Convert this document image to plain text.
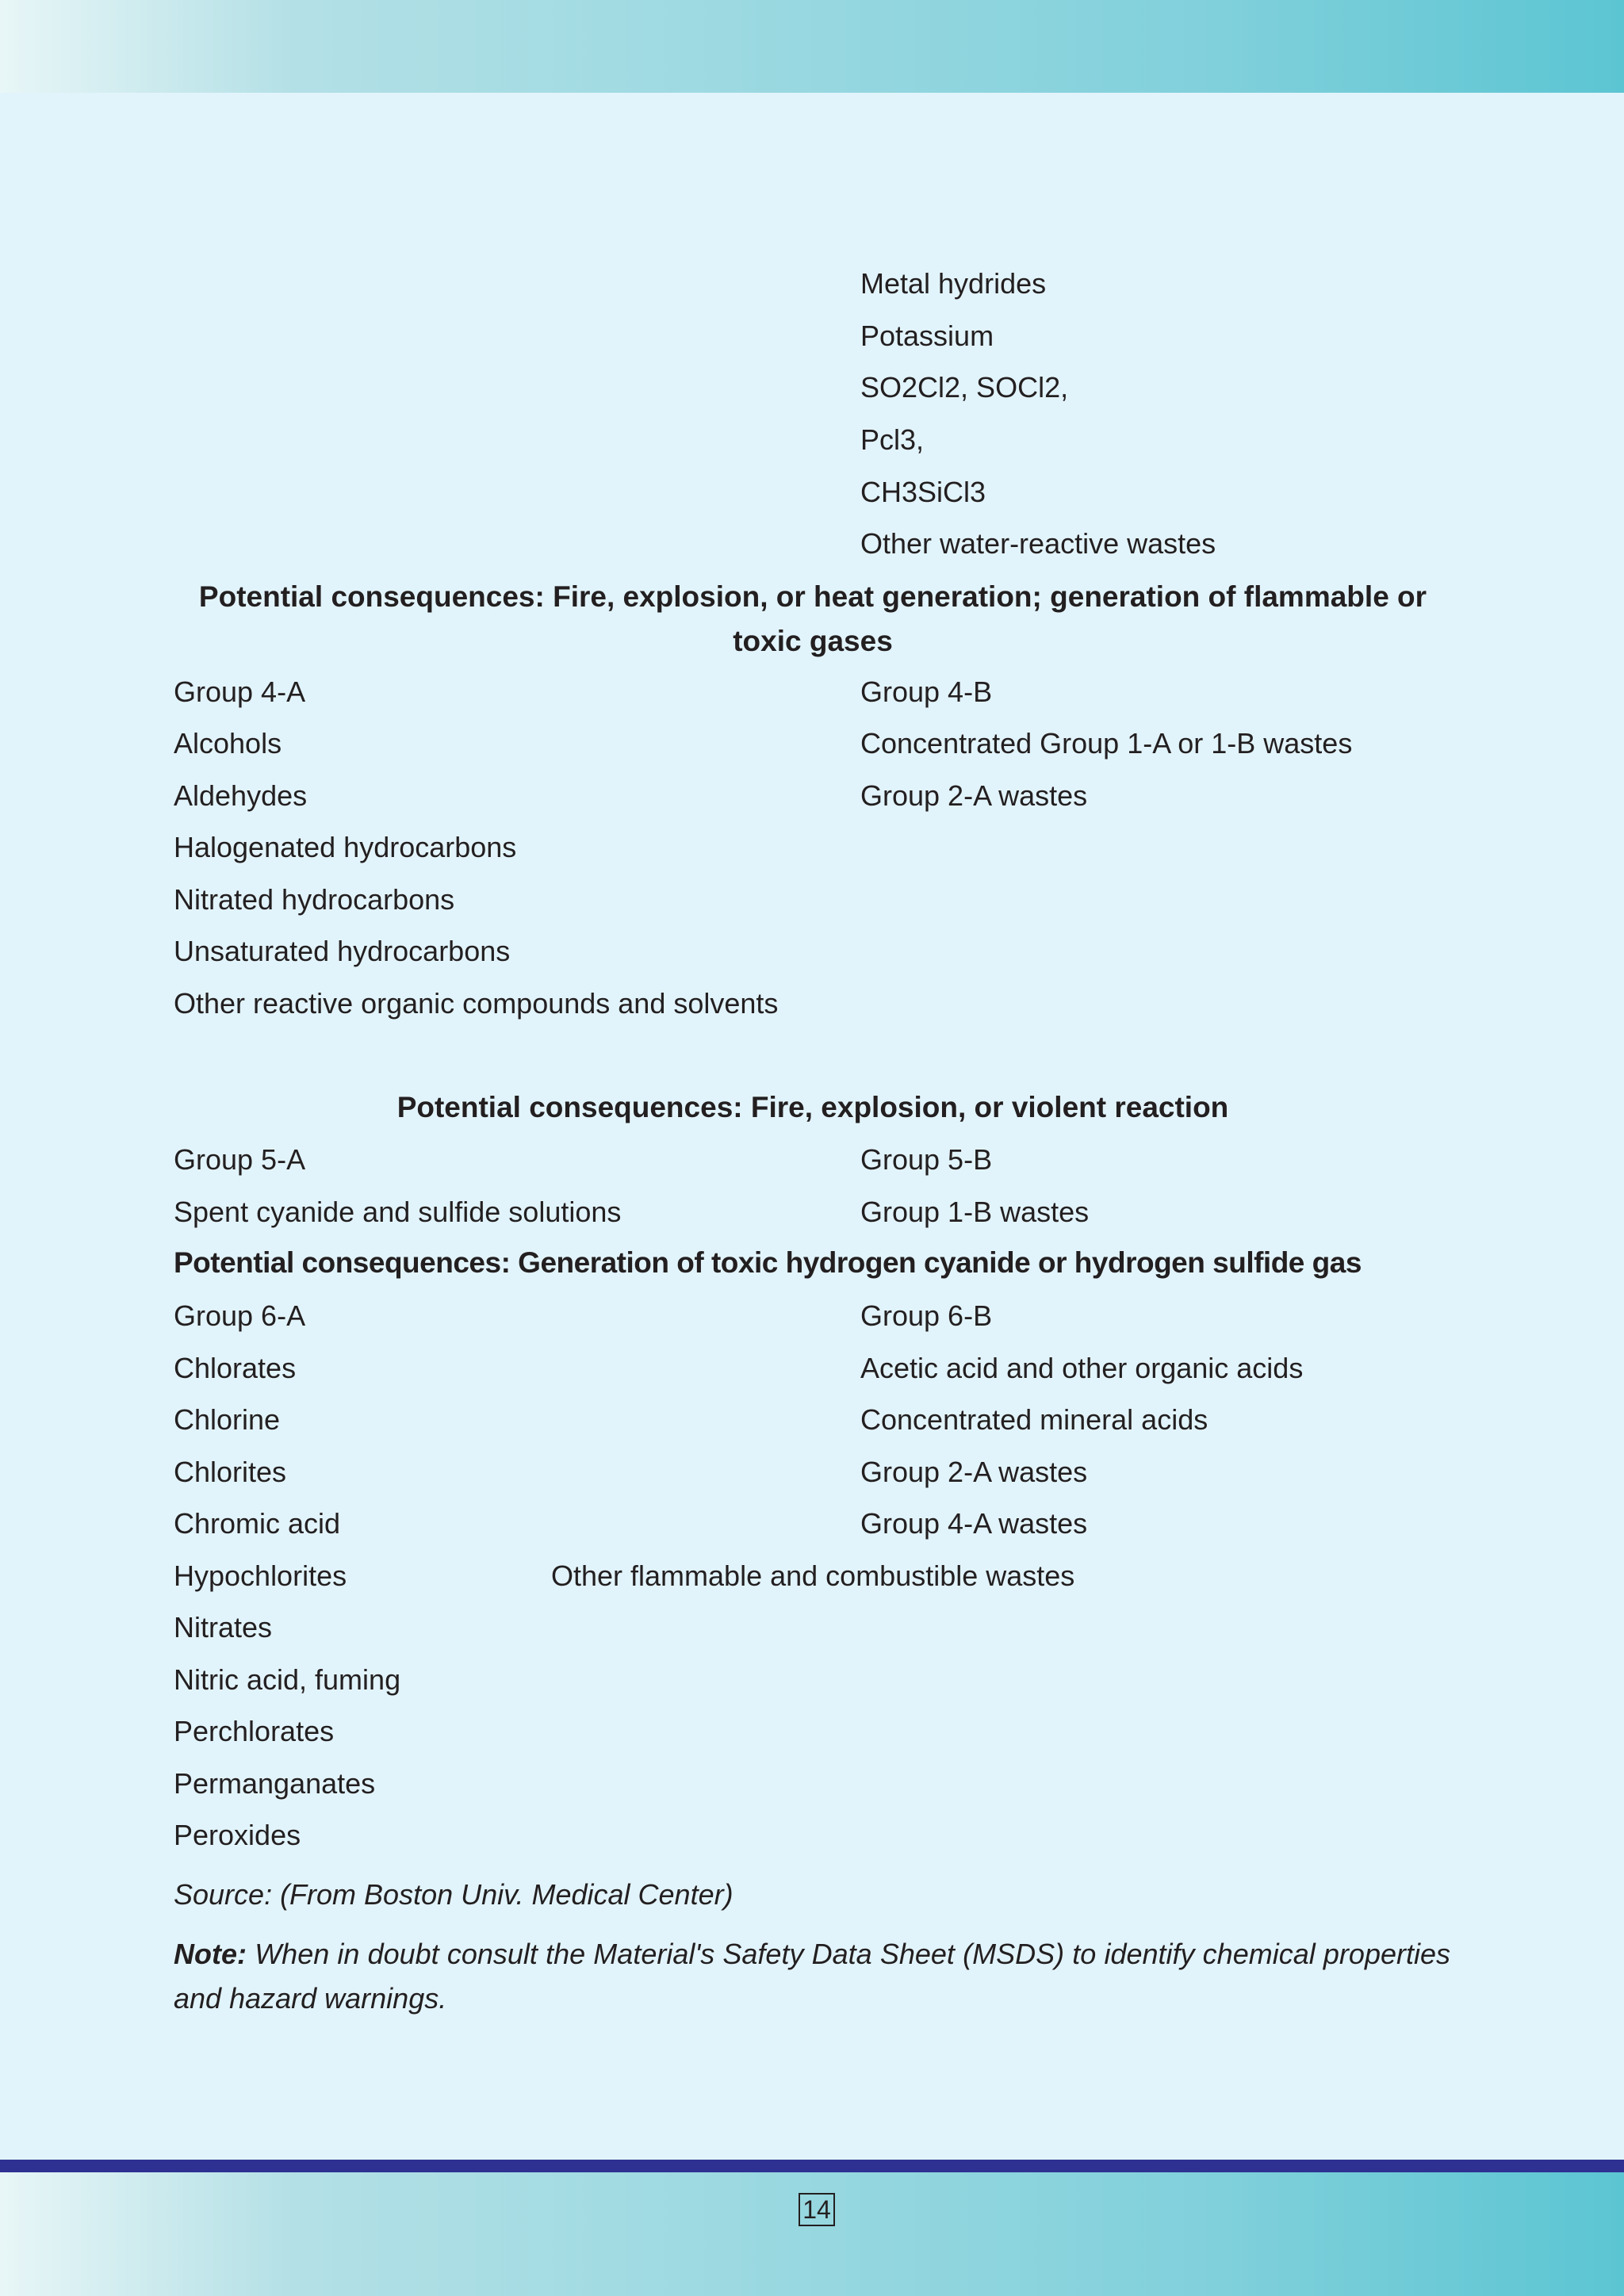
Metal hydrides
Potassium
SO2Cl2, SOCl2,
Pcl3,
CH3SiCl3
Other water-reactive wastes
Potential consequences: Fire, explosion, or heat generation; generation of flammable or toxic gases
Group 4-A
Alcohols
Aldehydes
Halogenated hydrocarbons
Nitrated hydrocarbons
Unsaturated hydrocarbons
Other reactive organic compounds and solvents
Group 4-B
Concentrated Group 1-A or 1-B wastes
Group 2-A wastes
Potential consequences: Fire, explosion, or violent reaction
Group 5-A
Spent cyanide and sulfide solutions
Group 5-B
Group 1-B wastes
Potential consequences: Generation of toxic hydrogen cyanide or hydrogen sulfide gas
Group 6-A
Chlorates
Chlorine
Chlorites
Chromic acid
Hypochlorites
Nitrates
Nitric acid, fuming
Perchlorates
Permanganates
Peroxides
Group 6-B
Acetic acid and other organic acids
Concentrated mineral acids
Group 2-A wastes
Group 4-A wastes
Other flammable and combustible wastes
Source: (From Boston Univ. Medical Center)
Note: When in doubt consult the Material's Safety Data Sheet (MSDS) to identify chemical properties and hazard warnings.
14
